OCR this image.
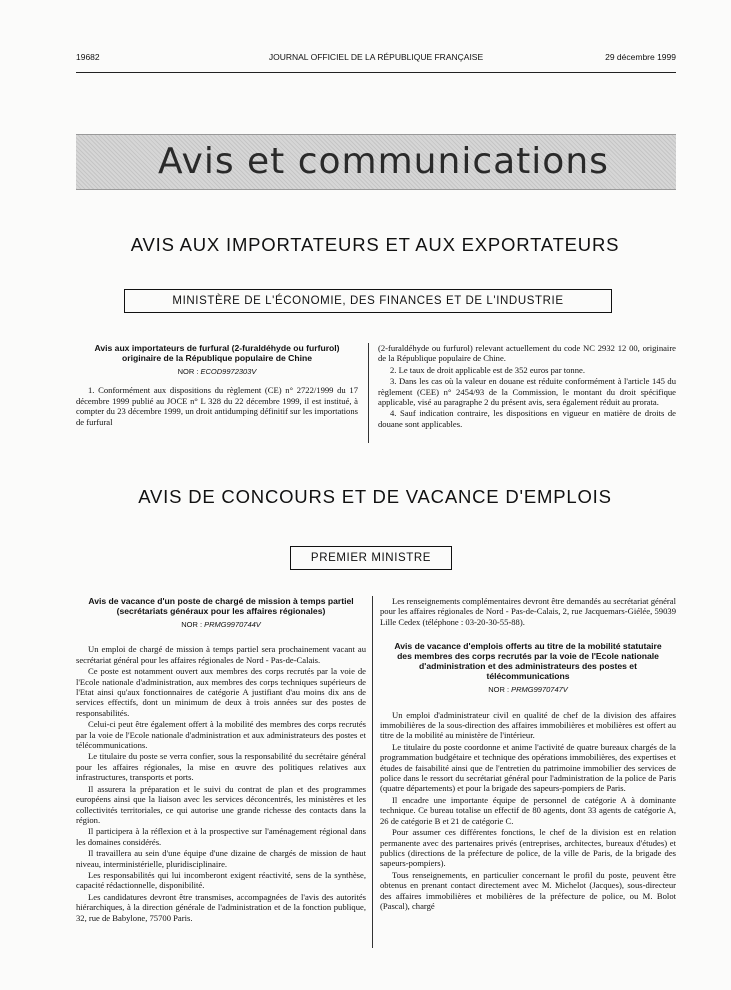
19682	JOURNAL OFFICIEL DE LA RÉPUBLIQUE FRANÇAISE	29 décembre 1999
Avis et communications
AVIS AUX IMPORTATEURS ET AUX EXPORTATEURS
MINISTÈRE DE L'ÉCONOMIE, DES FINANCES ET DE L'INDUSTRIE

Avis aux importateurs de furfural (2-furaldéhyde ou furfurol) originaire de la République populaire de Chine

NOR : ECOD9972303V

1. Conformément aux dispositions du règlement (CE) n° 2722/1999 du 17 décembre 1999 publié au JOCE n° L 328 du 22 décembre 1999, il est institué, à compter du 23 décembre 1999, un droit antidumping définitif sur les importations de furfural

(2-furaldéhyde ou furfurol) relevant actuellement du code NC 2932 12 00, originaire de la République populaire de Chine.

2. Le taux de droit applicable est de 352 euros par tonne.

3. Dans les cas où la valeur en douane est réduite conformément à l'article 145 du règlement (CEE) n° 2454/93 de la Commission, le montant du droit spécifique applicable, visé au paragraphe 2 du présent avis, sera également réduit au prorata.

4. Sauf indication contraire, les dispositions en vigueur en matière de droits de douane sont applicables.

AVIS DE CONCOURS ET DE VACANCE D'EMPLOIS
PREMIER MINISTRE

Avis de vacance d'un poste de chargé de mission à temps partiel (secrétariats généraux pour les affaires régionales)

NOR : PRMG9970744V

Un emploi de chargé de mission à temps partiel sera prochainement vacant au secrétariat général pour les affaires régionales de Nord - Pas-de-Calais.

Ce poste est notamment ouvert aux membres des corps recrutés par la voie de l'Ecole nationale d'administration, aux membres des corps techniques supérieurs de l'Etat ainsi qu'aux fonctionnaires de catégorie A justifiant d'au moins dix ans de services effectifs, dont un minimum de deux à trois années sur des postes de responsabilités.

Celui-ci peut être également offert à la mobilité des membres des corps recrutés par la voie de l'Ecole nationale d'administration et aux administrateurs des postes et télécommunications.

Le titulaire du poste se verra confier, sous la responsabilité du secrétaire général pour les affaires régionales, la mise en œuvre des politiques relatives aux infrastructures, transports et ports.

Il assurera la préparation et le suivi du contrat de plan et des programmes européens ainsi que la liaison avec les services déconcentrés, les ministères et les collectivités territoriales, ce qui autorise une grande richesse des contacts dans la région.

Il participera à la réflexion et à la prospective sur l'aménagement régional dans les domaines considérés.

Il travaillera au sein d'une équipe d'une dizaine de chargés de mission de haut niveau, interministérielle, pluridisciplinaire.

Les responsabilités qui lui incomberont exigent réactivité, sens de la synthèse, capacité rédactionnelle, disponibilité.

Les candidatures devront être transmises, accompagnées de l'avis des autorités hiérarchiques, à la direction générale de l'administration et de la fonction publique, 32, rue de Babylone, 75700 Paris.

Les renseignements complémentaires devront être demandés au secrétariat général pour les affaires régionales de Nord - Pas-de-Calais, 2, rue Jacquemars-Giélée, 59039 Lille Cedex (téléphone : 03-20-30-55-88).

Avis de vacance d'emplois offerts au titre de la mobilité statutaire des membres des corps recrutés par la voie de l'Ecole nationale d'administration et des administrateurs des postes et télécommunications

NOR : PRMG9970747V

Un emploi d'administrateur civil en qualité de chef de la division des affaires immobilières de la sous-direction des affaires immobilières et mobilières est offert au titre de la mobilité au ministère de l'intérieur.

Le titulaire du poste coordonne et anime l'activité de quatre bureaux chargés de la programmation budgétaire et technique des opérations immobilières, des expertises et études de faisabilité ainsi que de l'entretien du patrimoine immobilier des services de police dans le ressort du secrétariat général pour l'administration de la police de Paris (quatre départements) et pour la brigade des sapeurs-pompiers de Paris.

Il encadre une importante équipe de personnel de catégorie A à dominante technique. Ce bureau totalise un effectif de 80 agents, dont 33 agents de catégorie A, 26 de catégorie B et 21 de catégorie C.

Pour assumer ces différentes fonctions, le chef de la division est en relation permanente avec des partenaires privés (entreprises, architectes, bureaux d'études) et publics (directions de la préfecture de police, de la ville de Paris, de la brigade des sapeurs-pompiers).

Tous renseignements, en particulier concernant le profil du poste, peuvent être obtenus en prenant contact directement avec M. Michelot (Jacques), sous-directeur des affaires immobilières et mobilières de la préfecture de police, ou M. Bolot (Pascal), chargé
